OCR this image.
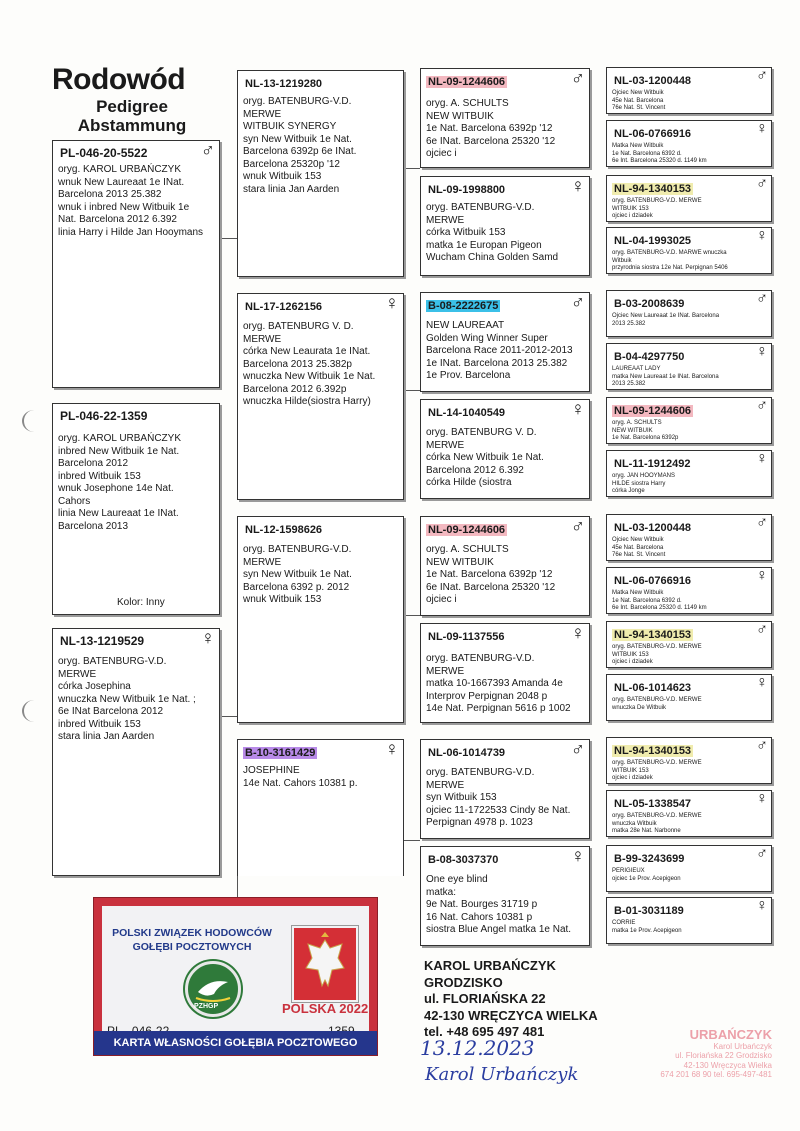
Rodowód
Pedigree
Abstammung
PL-046-20-5522	♂
oryg. KAROL URBAŃCZYK
wnuk New Laureaat 1e INat.
Barcelona 2013 25.382
wnuk i inbred New Witbuik 1e
Nat. Barcelona 2012 6.392
linia Harry i Hilde Jan Hooymans
PL-046-22-1359
oryg. KAROL URBAŃCZYK
inbred New Witbuik 1e Nat.
Barcelona 2012
inbred Witbuik 153
wnuk Josephone 14e Nat.
Cahors
linia New Laureaat 1e INat.
Barcelona 2013
Kolor: Inny
NL-13-1219529	♀
oryg. BATENBURG-V.D.
MERWE
córka Josephina
wnuczka New Witbuik 1e Nat. ;
6e INat Barcelona 2012
inbred Witbuik 153
stara linia Jan Aarden
NL-13-1219280
oryg. BATENBURG-V.D.
MERWE
WITBUIK SYNERGY
syn New Witbuik 1e Nat.
Barcelona 6392p 6e INat.
Barcelona 25320p '12
wnuk Witbuik 153
stara linia Jan Aarden
NL-17-1262156	♀
oryg. BATENBURG V. D.
MERWE
córka New Leaurata 1e INat.
Barcelona 2013 25.382p
wnuczka New Witbuik 1e Nat.
Barcelona 2012 6.392p
wnuczka Hilde(siostra Harry)
NL-12-1598626
oryg. BATENBURG-V.D.
MERWE
syn New Witbuik 1e Nat.
Barcelona 6392 p. 2012
wnuk Witbuik 153
B-10-3161429	♀
JOSEPHINE
14e Nat. Cahors 10381 p.
NL-09-1244606	♂
oryg. A. SCHULTS
NEW WITBUIK
1e Nat. Barcelona 6392p '12
6e INat. Barcelona 25320 '12
ojciec i
NL-09-1998800	♀
oryg. BATENBURG-V.D.
MERWE
córka Witbuik 153
matka 1e Europan Pigeon
Wucham China Golden Samd
B-08-2222675	♂
NEW LAUREAAT
Golden Wing Winner Super
Barcelona Race 2011-2012-2013
1e INat. Barcelona 2013 25.382
1e Prov. Barcelona
NL-14-1040549	♀
oryg. BATENBURG V. D.
MERWE
córka New Witbuik 1e Nat.
Barcelona 2012 6.392
córka Hilde (siostra
NL-09-1244606	♂
oryg. A. SCHULTS
NEW WITBUIK
1e Nat. Barcelona 6392p '12
6e INat. Barcelona 25320 '12
ojciec i
NL-09-1137556	♀
oryg. BATENBURG-V.D.
MERWE
matka 10-1667393 Amanda 4e
Interprov Perpignan 2048 p
14e Nat. Perpignan 5616 p 1002
NL-06-1014739	♂
oryg. BATENBURG-V.D.
MERWE
syn Witbuik 153
ojciec 11-1722533 Cindy 8e Nat.
Perpignan 4978 p. 1023
B-08-3037370	♀
One eye blind
matka:
9e Nat. Bourges 31719 p
16 Nat. Cahors 10381 p
siostra Blue Angel matka 1e Nat.
NL-03-1200448	♂
Ojciec New Witbuik
45e Nat. Barcelona
76e Nat. St. Vincent
NL-06-0766916	♀
Matka New Witbuik
1e Nat. Barcelona 6392 d.
6e Int. Barcelona 25320 d. 1149 km
NL-94-1340153	♂
oryg. BATENBURG-V.D. MERWE
WITBUIK 153
ojciec i dziadek
NL-04-1993025	♀
oryg. BATENBURG-V.D. MARWE wnuczka
Witbuik
przyrodnia siostra 12e Nat. Perpignan 5406
B-03-2008639	♂
Ojciec New Laureaat 1e INat. Barcelona
2013 25.382
B-04-4297750	♀
LAUREAAT LADY
matka New Laureaat 1e INat. Barcelona
2013 25.382
NL-09-1244606	♂
oryg. A. SCHULTS
NEW WITBUIK
1e Nat. Barcelona 6392p
NL-11-1912492	♀
oryg. JAN HOOYMANS
HILDE siostra Harry
córka Jonge
NL-03-1200448	♂
Ojciec New Witbuik
45e Nat. Barcelona
76e Nat. St. Vincent
NL-06-0766916	♀
Matka New Witbuik
1e Nat. Barcelona 6392 d.
6e Int. Barcelona 25320 d. 1149 km
NL-94-1340153	♂
oryg. BATENBURG-V.D. MERWE
WITBUIK 153
ojciec i dziadek
NL-06-1014623	♀
oryg. BATENBURG-V.D. MERWE
wnuczka De Witbuik
NL-94-1340153	♂
oryg. BATENBURG-V.D. MERWE
WITBUIK 153
ojciec i dziadek
NL-05-1338547	♀
oryg. BATENBURG-V.D. MERWE
wnuczka Witbuik
matka 28e Nat. Narbonne
B-99-3243699	♂
PERIGIEUX
ojciec 1e Prov. Acepigeon
B-01-3031189	♀
CORRIE
matka 1e Prov. Acepigeon
POLSKI ZWIĄZEK HODOWCÓW
GOŁĘBI POCZTOWYCH
PZHGP	POLSKA 2022
KARTA WŁASNOŚCI GOŁĘBIA POCZTOWEGO
KAROL URBAŃCZYK
GRODZISKO
ul. FLORIAŃSKA 22
42-130 WRĘCZYCA WIELKA
tel. +48 695 497 481
13.12.2023
Karol Urbańczyk
URBAŃCZYK
Karol Urbańczyk
ul. Floriańska 22 Grodzisko
42-130 Wręczyca Wielka
674 201 68 90 tel. 695-497-481
